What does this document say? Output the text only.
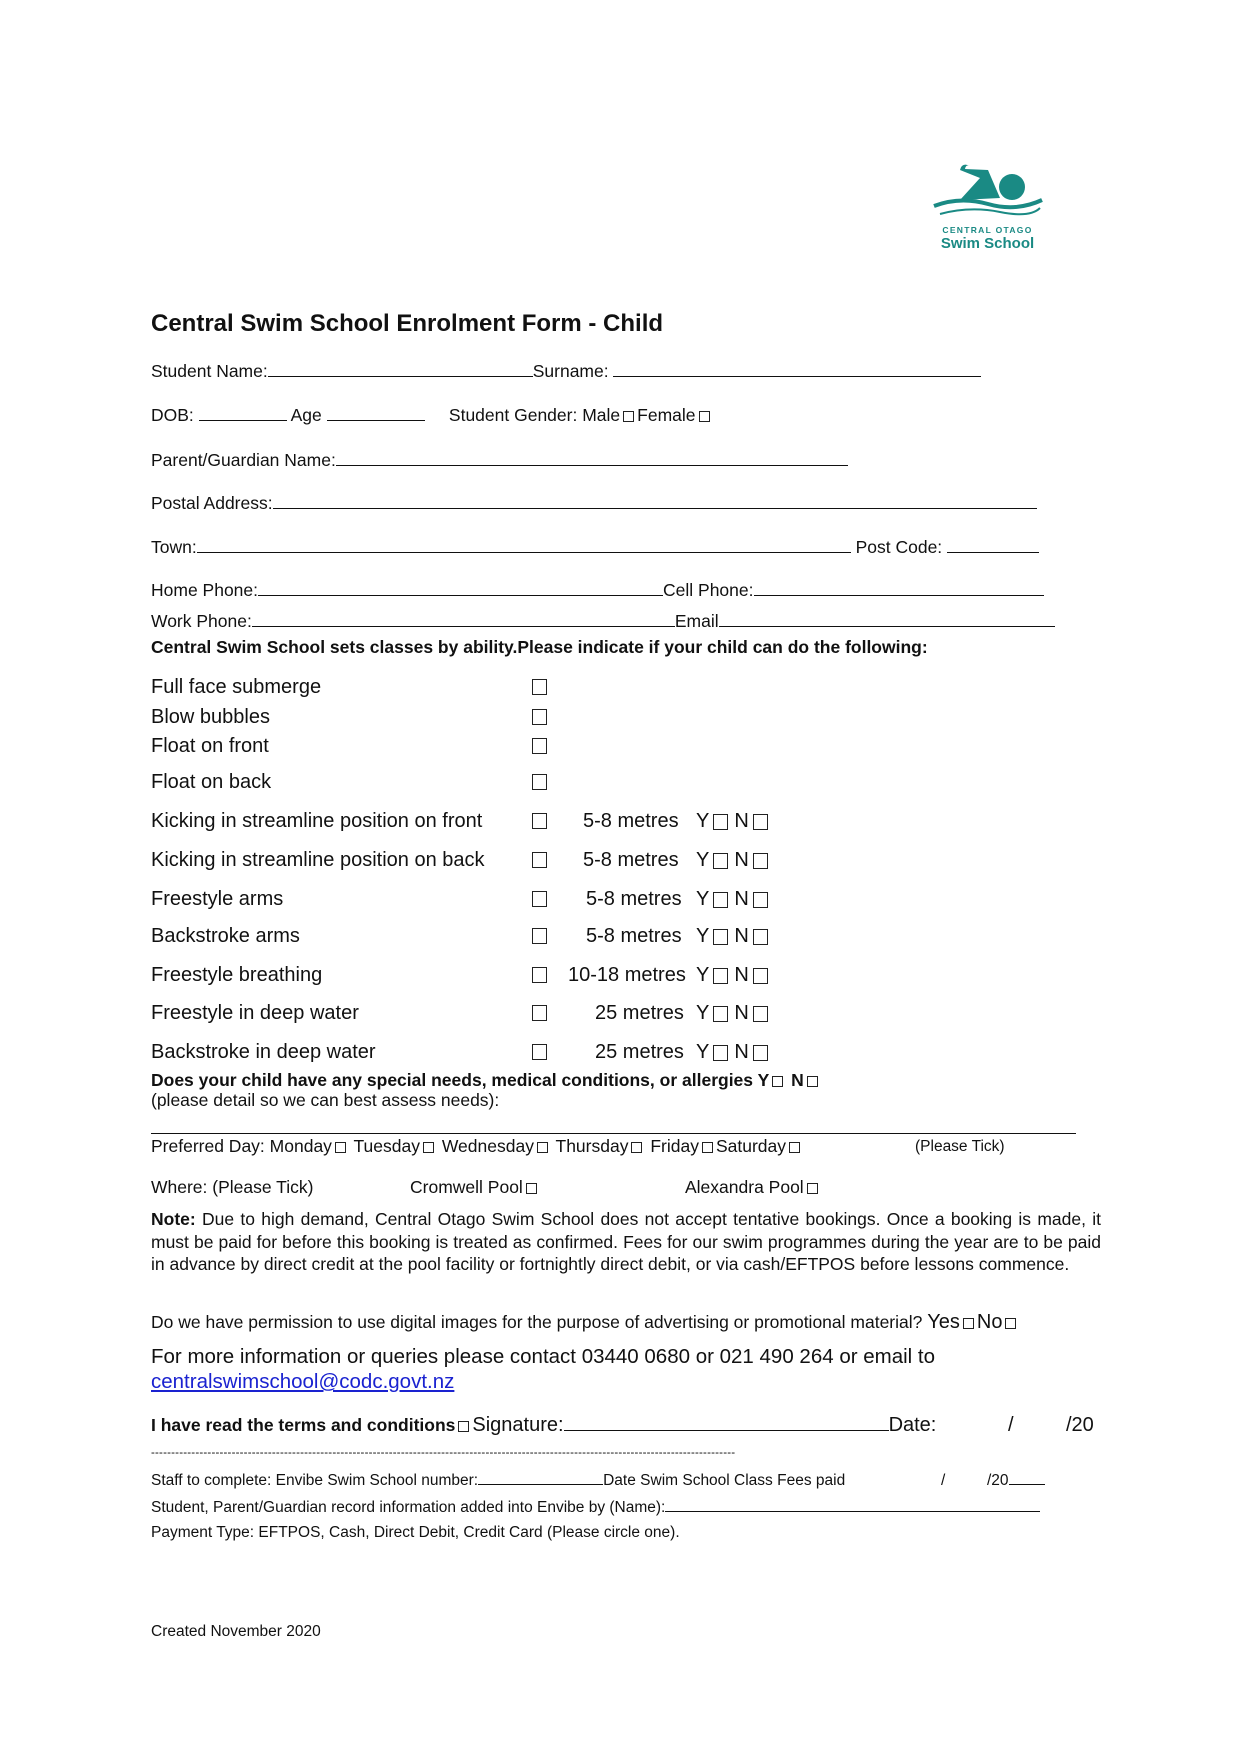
CENTRAL OTAGO
Swim School
Central Swim School Enrolment Form - Child
Student Name:	Surname:
DOB:	Age	Student Gender: Male Female
Parent/Guardian Name:
Postal Address:
Town:	Post Code:
Home Phone:	Cell Phone:
Work Phone:	Email
Central Swim School sets classes by ability.Please indicate if your child can do the following:
Full face submerge
Blow bubbles
Float on front
Float on back
Kicking in streamline position on front	5-8 metres Y N
Kicking in streamline position on back	5-8 metres Y N
Freestyle arms	5-8 metres Y N
Backstroke arms	5-8 metres Y N
Freestyle breathing	10-18 metres Y N
Freestyle in deep water	25 metres Y N
Backstroke in deep water	25 metres Y N
Does your child have any special needs, medical conditions, or allergies Y N
(please detail so we can best assess needs):
Preferred Day: Monday Tuesday Wednesday Thursday Friday Saturday	(Please Tick)
Where: (Please Tick)	Cromwell Pool	Alexandra Pool
Note: Due to high demand, Central Otago Swim School does not accept tentative bookings. Once a booking is made, it must be paid for before this booking is treated as confirmed. Fees for our swim programmes during the year are to be paid in advance by direct credit at the pool facility or fortnightly direct debit, or via cash/EFTPOS before lessons commence.
Do we have permission to use digital images for the purpose of advertising or promotional material? Yes No
For more information or queries please contact 03440 0680 or 021 490 264 or email to
centralswimschool@codc.govt.nz
I have read the terms and conditions Signature:	Date:	/	/20
-------------------------------------------------------------------------------------------------------------------------------------------------
Staff to complete: Envibe Swim School number:	Date Swim School Class Fees paid	/	/20
Student, Parent/Guardian record information added into Envibe by (Name):
Payment Type: EFTPOS, Cash, Direct Debit, Credit Card (Please circle one).
Created November 2020
